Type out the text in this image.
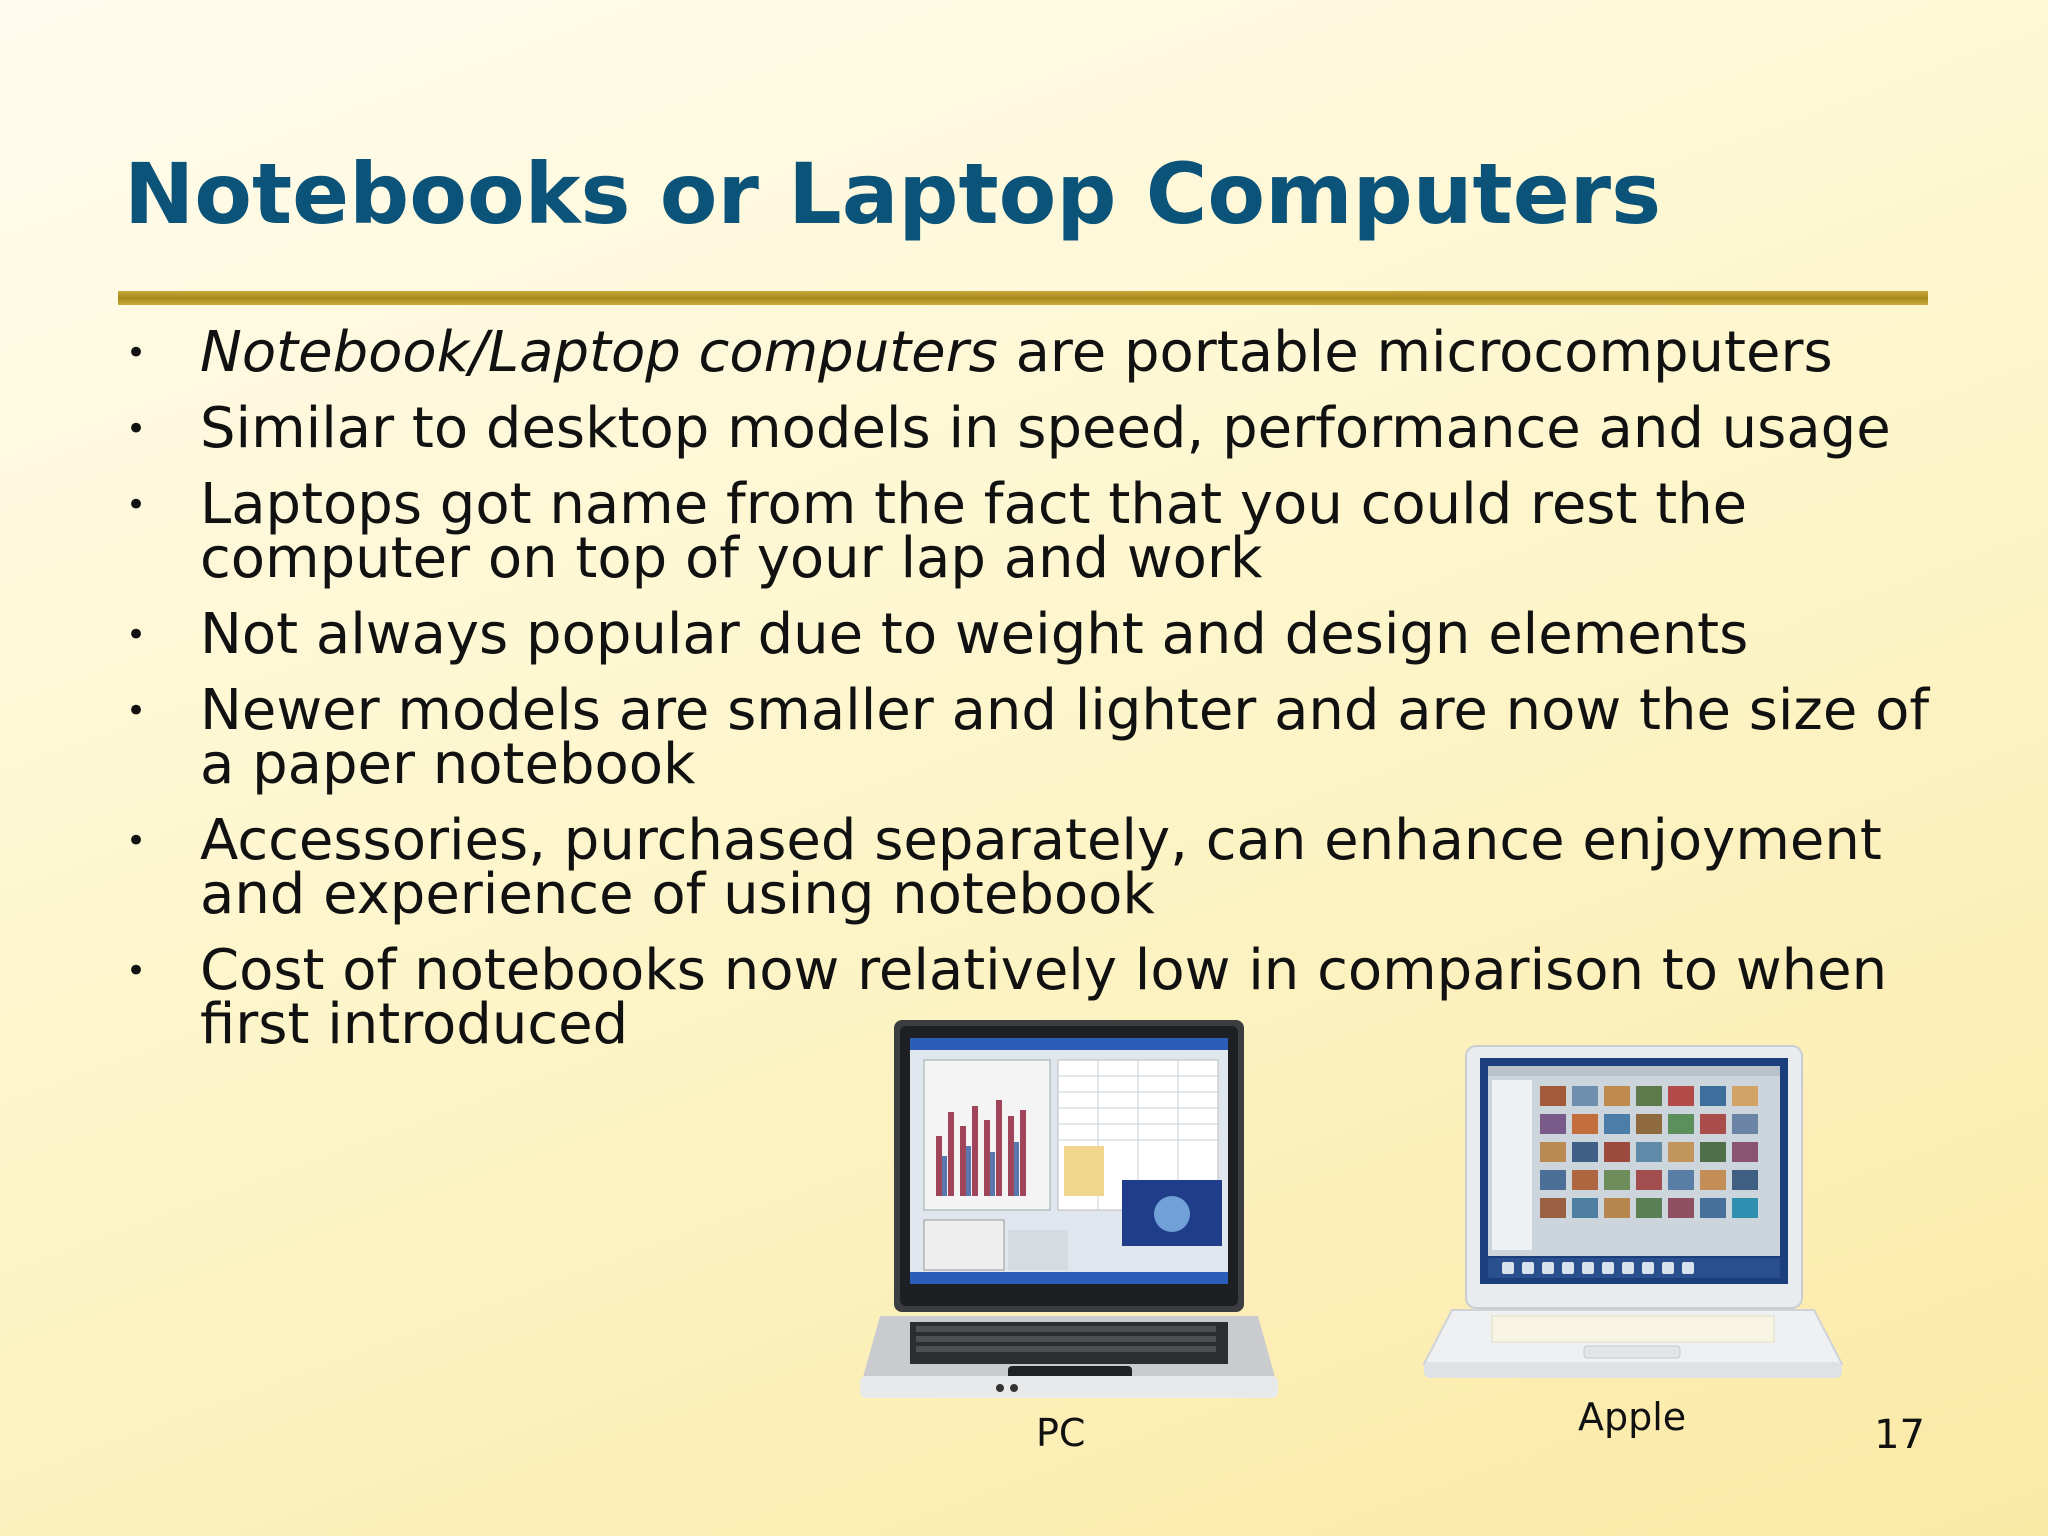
Notebooks or Laptop Computers
• Notebook/Laptop computers are portable microcomputers
• Similar to desktop models in speed, performance and usage
• Laptops got name from the fact that you could rest the computer on top of your lap and work
• Not always popular due to weight and design elements
• Newer models are smaller and lighter and are now the size of a paper notebook
• Accessories, purchased separately, can enhance enjoyment and experience of using notebook
• Cost of notebooks now relatively low in comparison to when first introduced
PC	Apple	17
